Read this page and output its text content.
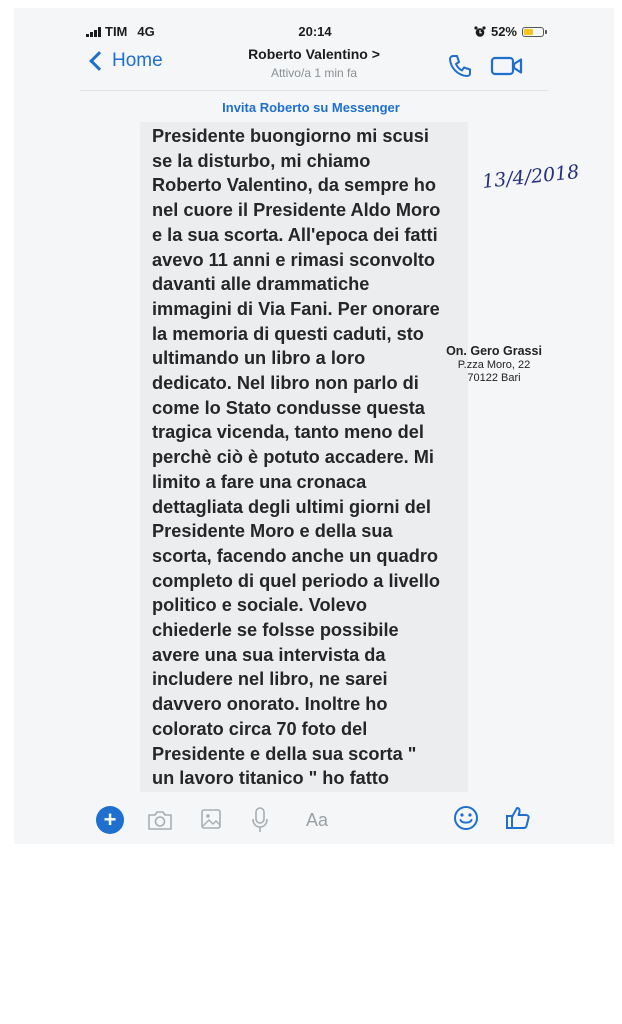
TIM 4G	20:14	52%
Home	Roberto Valentino >
Attivo/a 1 min fa
Invita Roberto su Messenger

Presidente buongiorno mi scusi
se la disturbo, mi chiamo
Roberto Valentino, da sempre ho
nel cuore il Presidente Aldo Moro
e la sua scorta. All'epoca dei fatti
avevo 11 anni e rimasi sconvolto
davanti alle drammatiche
immagini di Via Fani. Per onorare
la memoria di questi caduti, sto
ultimando un libro a loro
dedicato. Nel libro non parlo di
come lo Stato condusse questa
tragica vicenda, tanto meno del
perchè ciò è potuto accadere. Mi
limito a fare una cronaca
dettagliata degli ultimi giorni del
Presidente Moro e della sua
scorta, facendo anche un quadro
completo di quel periodo a livello
politico e sociale. Volevo
chiederle se folsse possibile
avere una sua intervista da
includere nel libro, ne sarei
davvero onorato. Inoltre ho
colorato circa 70 foto del
Presidente e della sua scorta "
un lavoro titanico " ho fatto

13/4/2018
On. Gero Grassi
P.zza Moro, 22
70122 Bari
+	Aa
